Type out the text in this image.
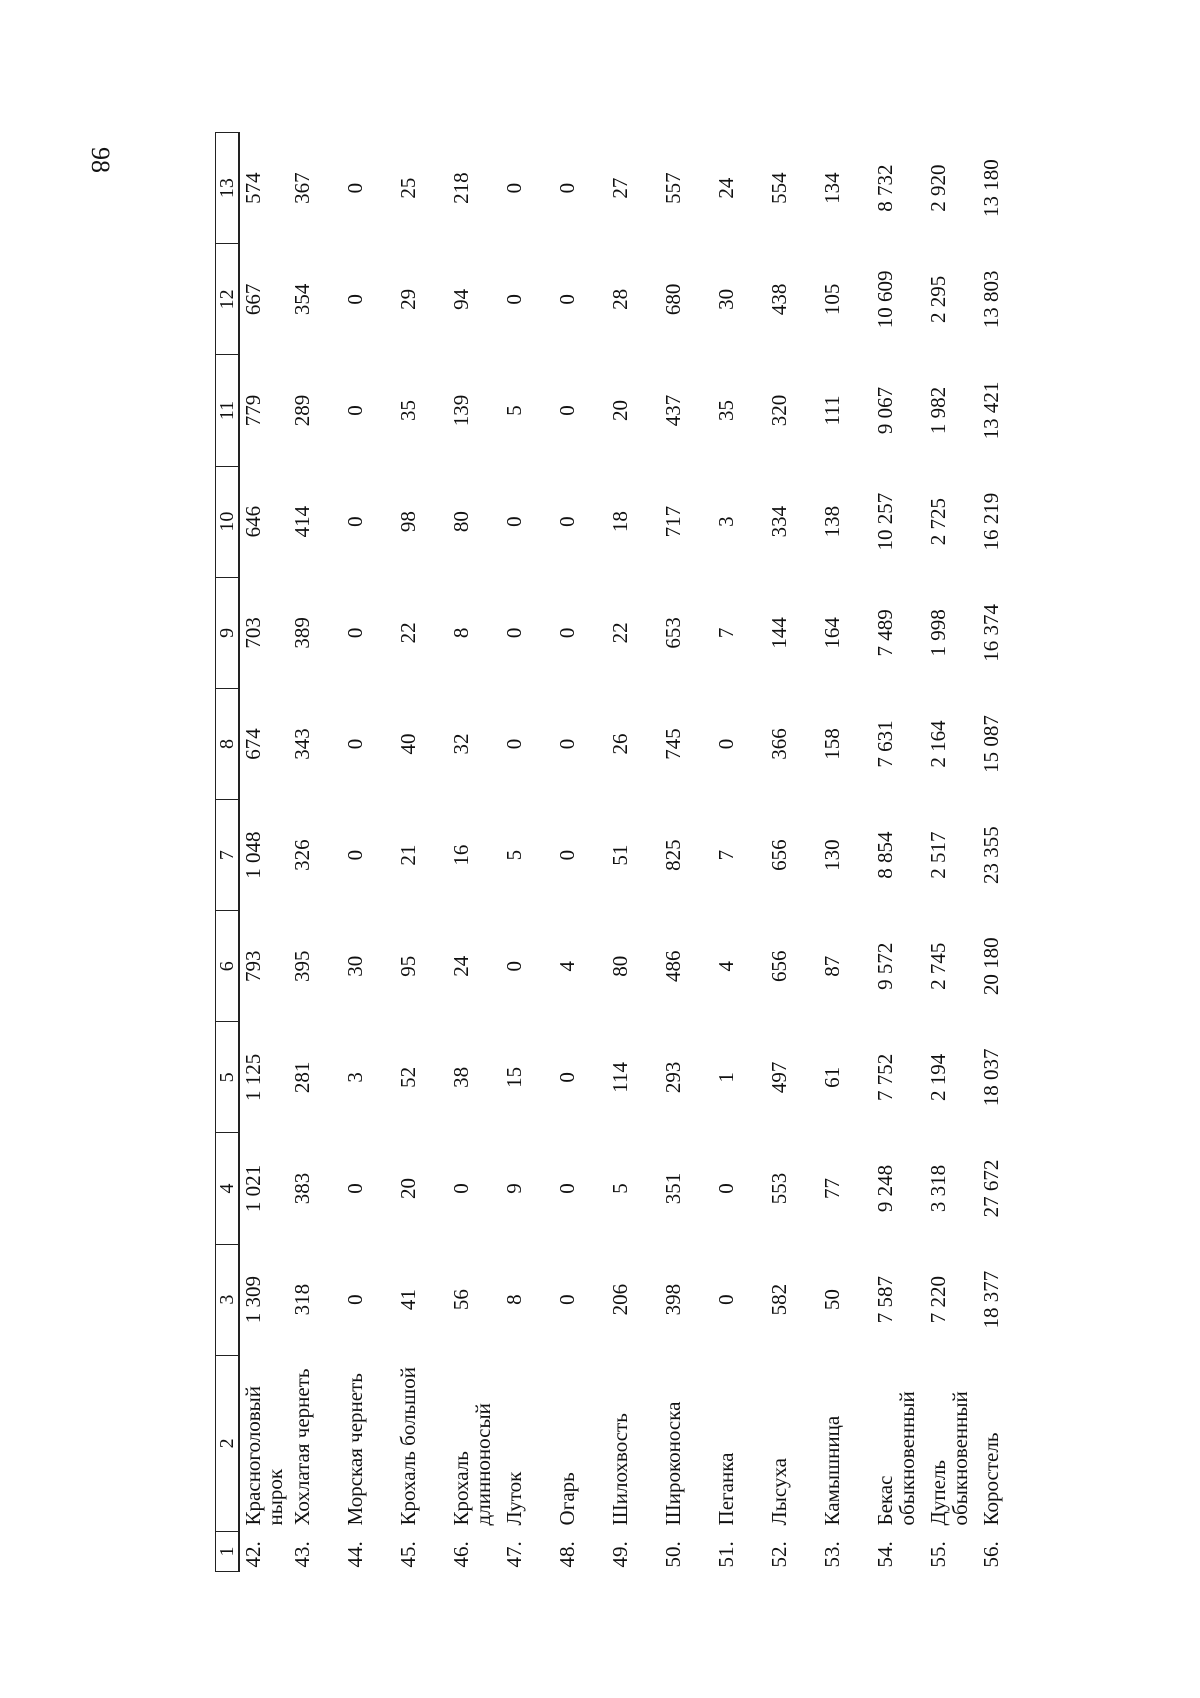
98
1	2	3	4	5	6	7	8	9	10	11	12	13
42.	Красноголовый нырок	1 309	1 021	1 125	793	1 048	674	703	646	779	667	574
43.	Хохлатая чернеть	318	383	281	395	326	343	389	414	289	354	367
44.	Морская чернеть	0	0	3	30	0	0	0	0	0	0	0
45.	Крохаль большой	41	20	52	95	21	40	22	98	35	29	25
46.	Крохаль длинноносый	56	0	38	24	16	32	8	80	139	94	218
47.	Луток	8	9	15	0	5	0	0	0	5	0	0
48.	Огарь	0	0	0	4	0	0	0	0	0	0	0
49.	Шилохвость	206	5	114	80	51	26	22	18	20	28	27
50.	Широконоска	398	351	293	486	825	745	653	717	437	680	557
51.	Пеганка	0	0	1	4	7	0	7	3	35	30	24
52.	Лысуха	582	553	497	656	656	366	144	334	320	438	554
53.	Камышница	50	77	61	87	130	158	164	138	111	105	134
54.	Бекас обыкновенный	7 587	9 248	7 752	9 572	8 854	7 631	7 489	10 257	9 067	10 609	8 732
55.	Дупель обыкновенный	7 220	3 318	2 194	2 745	2 517	2 164	1 998	2 725	1 982	2 295	2 920
56.	Коростель	18 377	27 672	18 037	20 180	23 355	15 087	16 374	16 219	13 421	13 803	13 180
